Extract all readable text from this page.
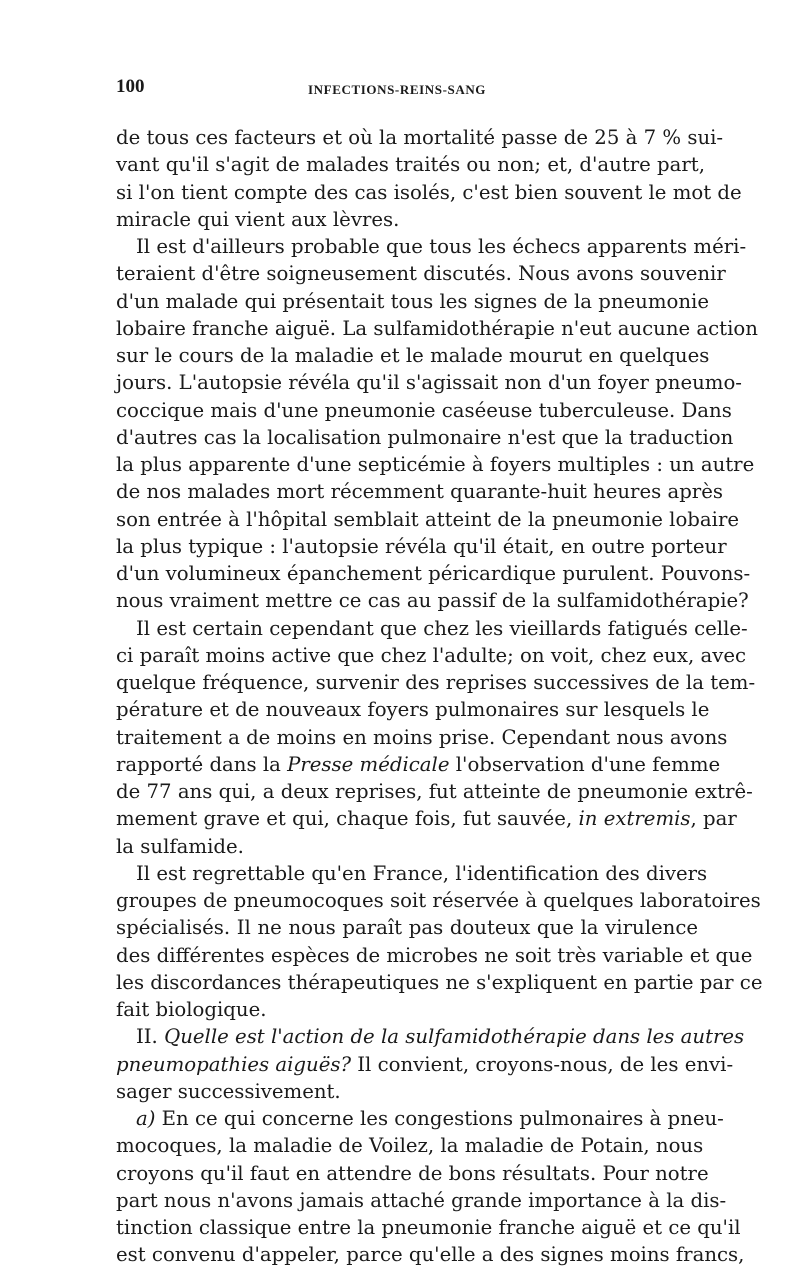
100	INFECTIONS-REINS-SANG
de tous ces facteurs et où la mortalité passe de 25 à 7 % sui-
vant qu'il s'agit de malades traités ou non; et, d'autre part,
si l'on tient compte des cas isolés, c'est bien souvent le mot de
miracle qui vient aux lèvres.
Il est d'ailleurs probable que tous les échecs apparents méri-
teraient d'être soigneusement discutés. Nous avons souvenir
d'un malade qui présentait tous les signes de la pneumonie
lobaire franche aiguë. La sulfamidothérapie n'eut aucune action
sur le cours de la maladie et le malade mourut en quelques
jours. L'autopsie révéla qu'il s'agissait non d'un foyer pneumo-
coccique mais d'une pneumonie caséeuse tuberculeuse. Dans
d'autres cas la localisation pulmonaire n'est que la traduction
la plus apparente d'une septicémie à foyers multiples : un autre
de nos malades mort récemment quarante-huit heures après
son entrée à l'hôpital semblait atteint de la pneumonie lobaire
la plus typique : l'autopsie révéla qu'il était, en outre porteur
d'un volumineux épanchement péricardique purulent. Pouvons-
nous vraiment mettre ce cas au passif de la sulfamidothérapie?
Il est certain cependant que chez les vieillards fatigués celle-
ci paraît moins active que chez l'adulte; on voit, chez eux, avec
quelque fréquence, survenir des reprises successives de la tem-
pérature et de nouveaux foyers pulmonaires sur lesquels le
traitement a de moins en moins prise. Cependant nous avons
rapporté dans la Presse médicale l'observation d'une femme
de 77 ans qui, a deux reprises, fut atteinte de pneumonie extrê-
mement grave et qui, chaque fois, fut sauvée, in extremis, par
la sulfamide.
Il est regrettable qu'en France, l'identification des divers
groupes de pneumocoques soit réservée à quelques laboratoires
spécialisés. Il ne nous paraît pas douteux que la virulence
des différentes espèces de microbes ne soit très variable et que
les discordances thérapeutiques ne s'expliquent en partie par ce
fait biologique.
II. Quelle est l'action de la sulfamidothérapie dans les autres
pneumopathies aiguës? Il convient, croyons-nous, de les envi-
sager successivement.
a) En ce qui concerne les congestions pulmonaires à pneu-
mocoques, la maladie de Voilez, la maladie de Potain, nous
croyons qu'il faut en attendre de bons résultats. Pour notre
part nous n'avons jamais attaché grande importance à la dis-
tinction classique entre la pneumonie franche aiguë et ce qu'il
est convenu d'appeler, parce qu'elle a des signes moins francs,
